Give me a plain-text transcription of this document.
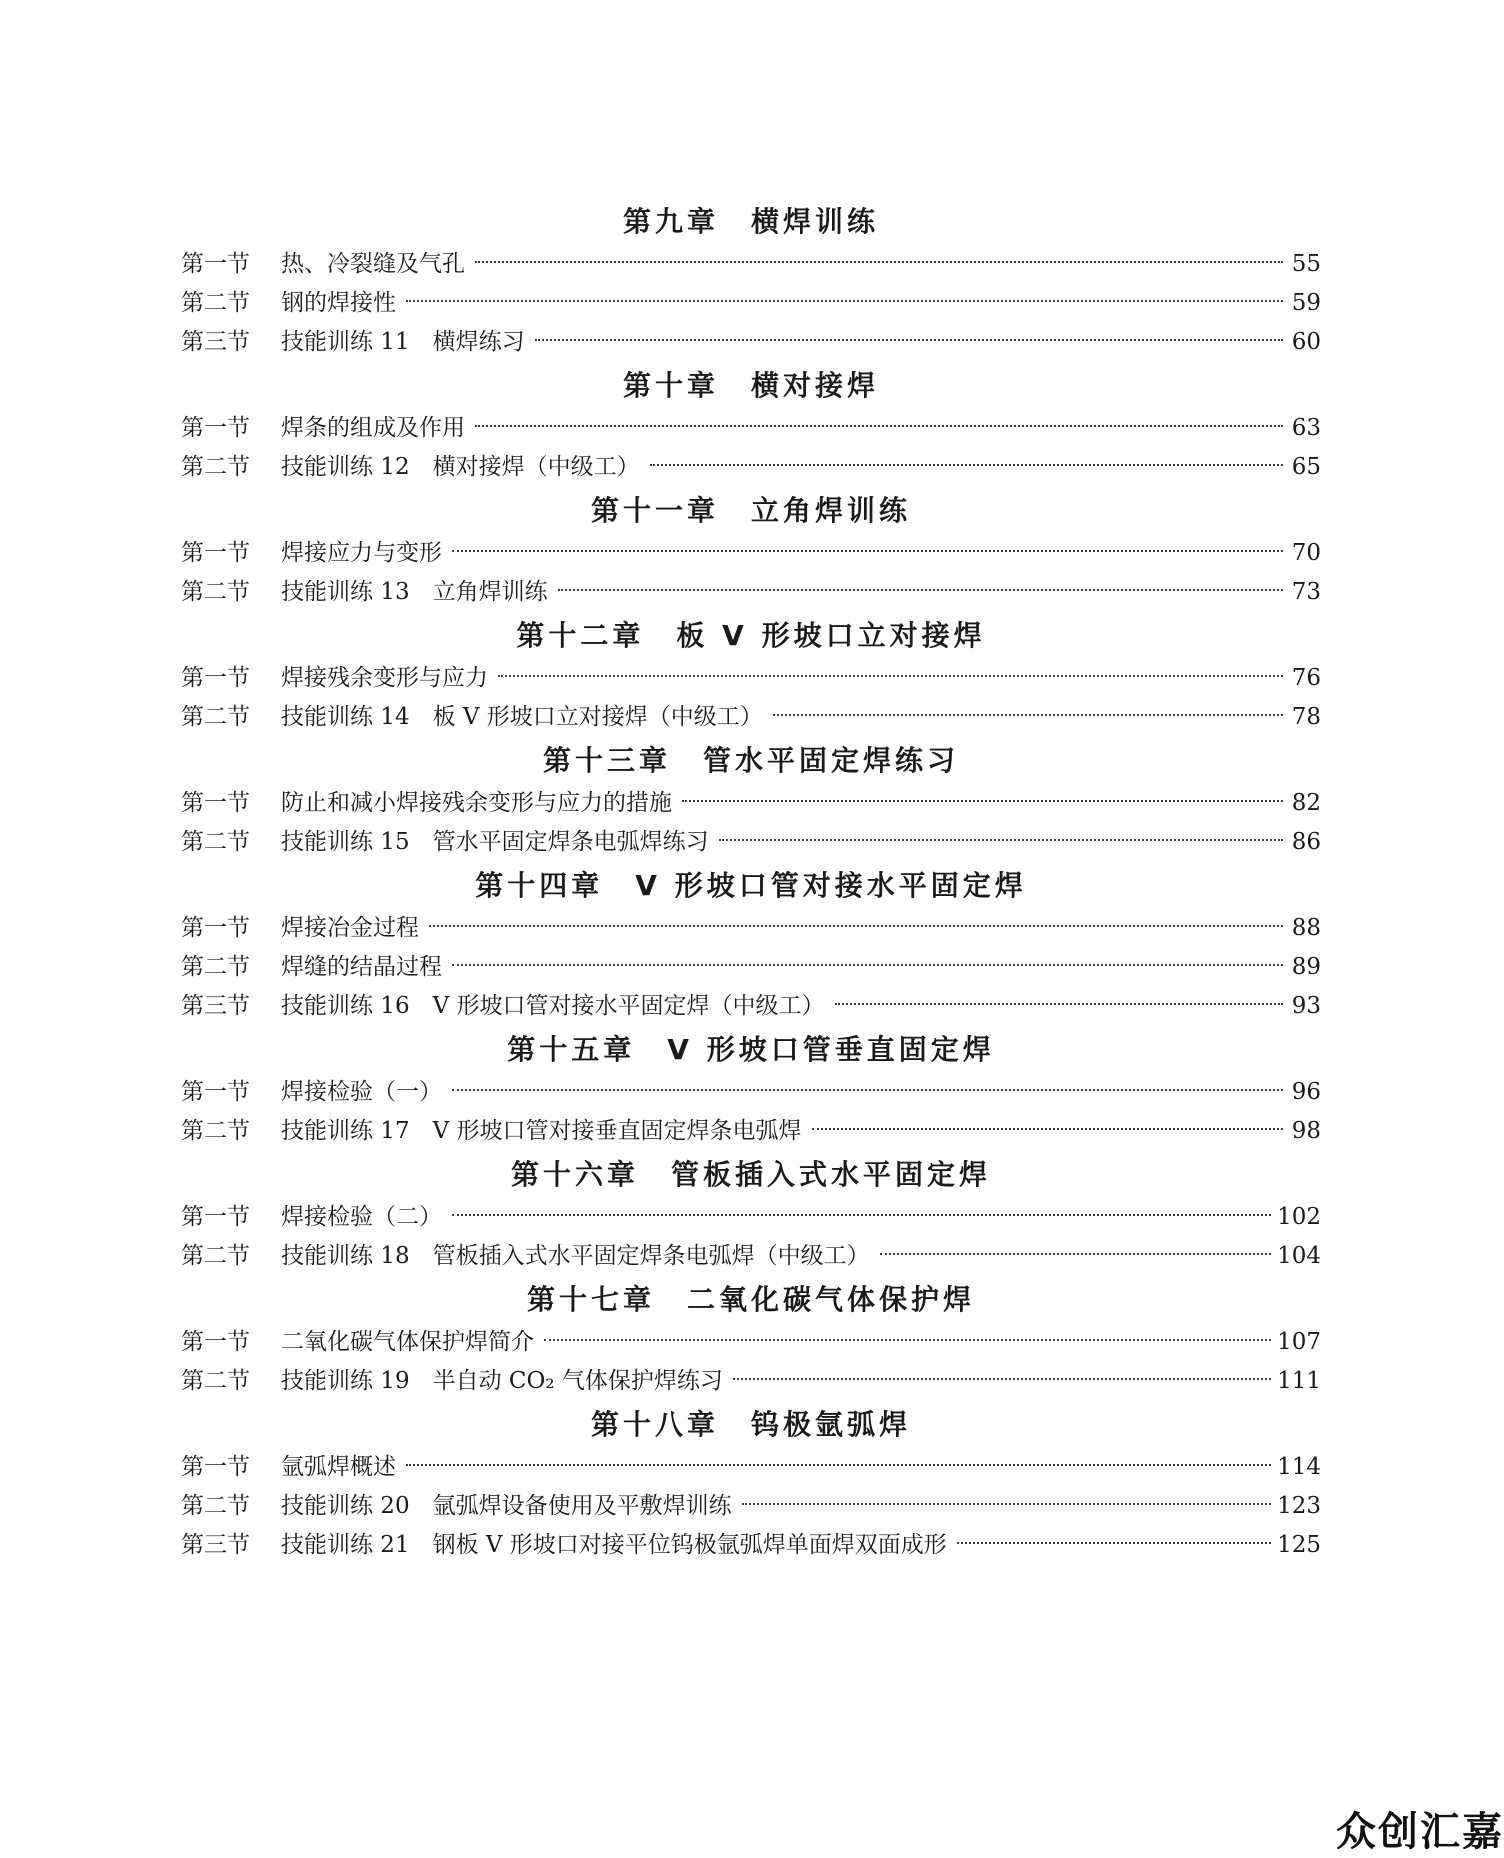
第九章　横焊训练
第一节	热、冷裂缝及气孔	55
第二节	钢的焊接性	59
第三节	技能训练 11　横焊练习	60
第十章　横对接焊
第一节	焊条的组成及作用	63
第二节	技能训练 12　横对接焊（中级工）	65
第十一章　立角焊训练
第一节	焊接应力与变形	70
第二节	技能训练 13　立角焊训练	73
第十二章　板 V 形坡口立对接焊
第一节	焊接残余变形与应力	76
第二节	技能训练 14　板 V 形坡口立对接焊（中级工）	78
第十三章　管水平固定焊练习
第一节	防止和减小焊接残余变形与应力的措施	82
第二节	技能训练 15　管水平固定焊条电弧焊练习	86
第十四章　V 形坡口管对接水平固定焊
第一节	焊接冶金过程	88
第二节	焊缝的结晶过程	89
第三节	技能训练 16　V 形坡口管对接水平固定焊（中级工）	93
第十五章　V 形坡口管垂直固定焊
第一节	焊接检验（一）	96
第二节	技能训练 17　V 形坡口管对接垂直固定焊条电弧焊	98
第十六章　管板插入式水平固定焊
第一节	焊接检验（二）	102
第二节	技能训练 18　管板插入式水平固定焊条电弧焊（中级工）	104
第十七章　二氧化碳气体保护焊
第一节	二氧化碳气体保护焊简介	107
第二节	技能训练 19　半自动 CO₂ 气体保护焊练习	111
第十八章　钨极氩弧焊
第一节	氩弧焊概述	114
第二节	技能训练 20　氩弧焊设备使用及平敷焊训练	123
第三节	技能训练 21　钢板 V 形坡口对接平位钨极氩弧焊单面焊双面成形	125
众创汇嘉
